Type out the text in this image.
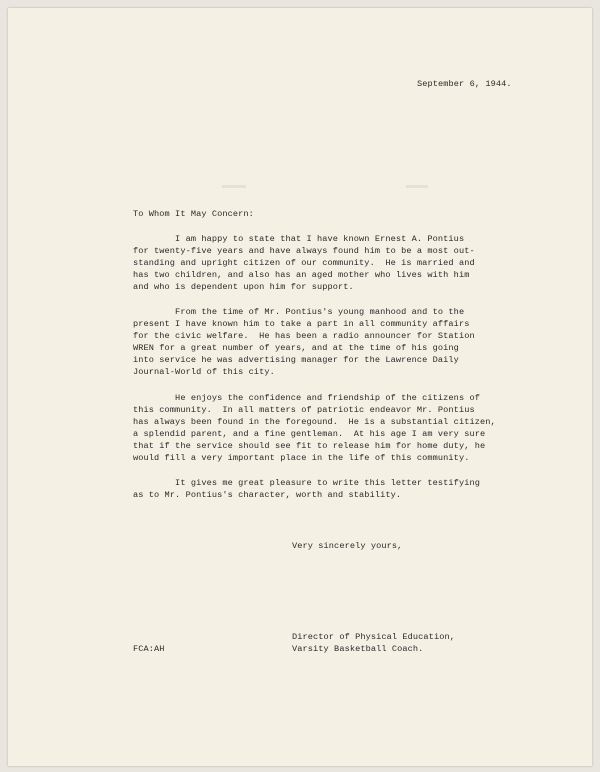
September 6, 1944.
To Whom It May Concern:
I am happy to state that I have known Ernest A. Pontius
for twenty-five years and have always found him to be a most out-
standing and upright citizen of our community.  He is married and
has two children, and also has an aged mother who lives with him
and who is dependent upon him for support.
From the time of Mr. Pontius's young manhood and to the
present I have known him to take a part in all community affairs
for the civic welfare.  He has been a radio announcer for Station
WREN for a great number of years, and at the time of his going
into service he was advertising manager for the Lawrence Daily
Journal-World of this city.
He enjoys the confidence and friendship of the citizens of
this community.  In all matters of patriotic endeavor Mr. Pontius
has always been found in the foregound.  He is a substantial citizen,
a splendid parent, and a fine gentleman.  At his age I am very sure
that if the service should see fit to release him for home duty, he
would fill a very important place in the life of this community.
It gives me great pleasure to write this letter testifying
as to Mr. Pontius's character, worth and stability.
Very sincerely yours,
Director of Physical Education,
FCA:AH	Varsity Basketball Coach.
